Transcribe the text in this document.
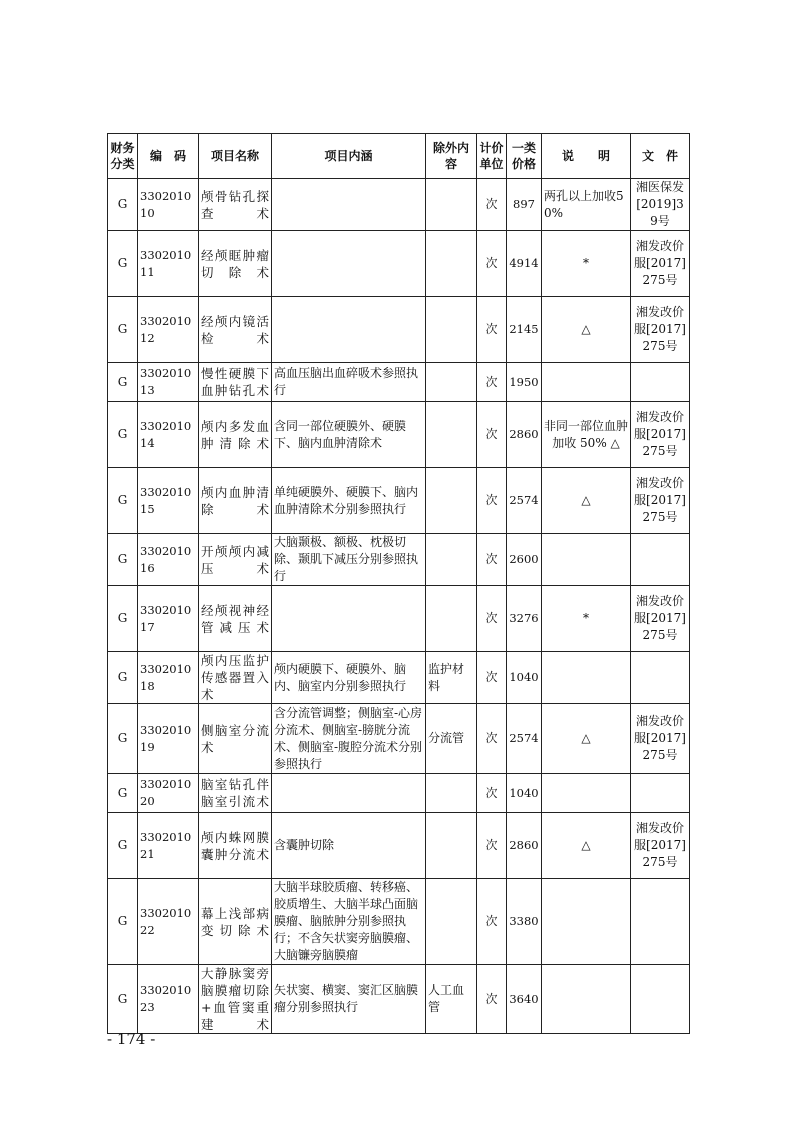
财务分类	编　码	项目名称	项目内涵	除外内容	计价单位	一类价格	说　　明	文　件
G	330201010	颅骨钻孔探查术			次	897	两孔以上加收50%	湘医保发[2019]39号
G	330201011	经颅眶肿瘤切除术			次	4914	*	湘发改价服[2017]275号
G	330201012	经颅内镜活检术			次	2145	△	湘发改价服[2017]275号
G	330201013	慢性硬膜下血肿钻孔术	高血压脑出血碎吸术参照执行		次	1950		
G	330201014	颅内多发血肿清除术	含同一部位硬膜外、硬膜下、脑内血肿清除术		次	2860	非同一部位血肿加收 50% △	湘发改价服[2017]275号
G	330201015	颅内血肿清除术	单纯硬膜外、硬膜下、脑内血肿清除术分别参照执行		次	2574	△	湘发改价服[2017]275号
G	330201016	开颅颅内减压术	大脑颞极、额极、枕极切除、颞肌下减压分别参照执行		次	2600		
G	330201017	经颅视神经管减压术			次	3276	*	湘发改价服[2017]275号
G	330201018	颅内压监护传感器置入术	颅内硬膜下、硬膜外、脑内、脑室内分别参照执行	监护材料	次	1040		
G	330201019	侧脑室分流术	含分流管调整；侧脑室-心房分流术、侧脑室-膀胱分流术、侧脑室-腹腔分流术分别参照执行	分流管	次	2574	△	湘发改价服[2017]275号
G	330201020	脑室钻孔伴脑室引流术			次	1040		
G	330201021	颅内蛛网膜囊肿分流术	含囊肿切除		次	2860	△	湘发改价服[2017]275号
G	330201022	幕上浅部病变切除术	大脑半球胶质瘤、转移癌、胶质增生、大脑半球凸面脑膜瘤、脑脓肿分别参照执行；不含矢状窦旁脑膜瘤、大脑镰旁脑膜瘤		次	3380		
G	330201023	大静脉窦旁脑膜瘤切除+血管窦重建术	矢状窦、横窦、窦汇区脑膜瘤分别参照执行	人工血管	次	3640		
- 174 -
